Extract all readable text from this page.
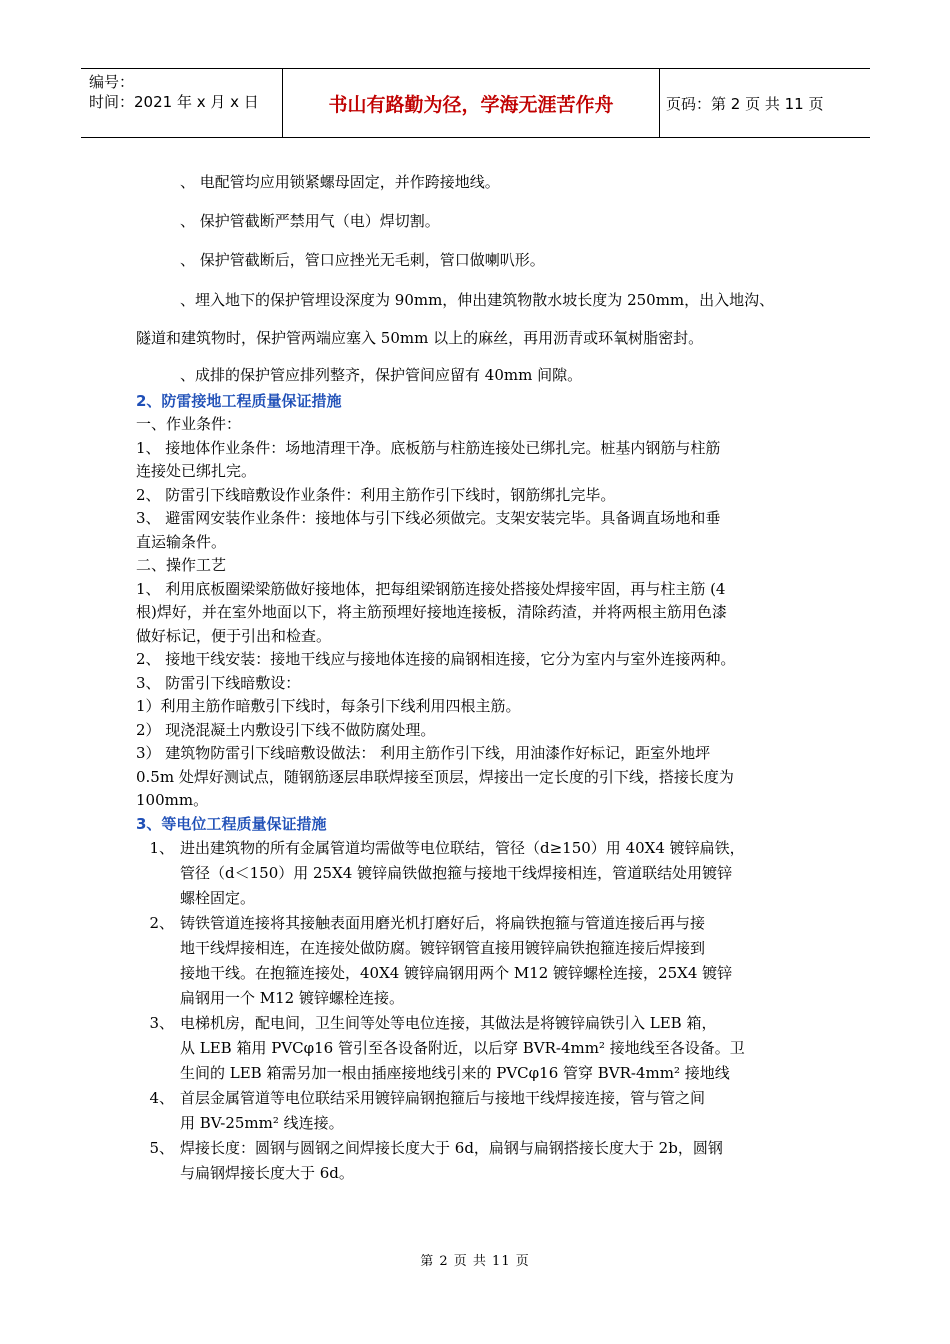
编号：
时间：2021 年 x 月 x 日	书山有路勤为径，学海无涯苦作舟	页码：第 2 页 共 11 页
、 电配管均应用锁紧螺母固定，并作跨接地线。
、 保护管截断严禁用气（电）焊切割。
、 保护管截断后，管口应挫光无毛刺，管口做喇叭形。
、埋入地下的保护管埋设深度为 90mm，伸出建筑物散水坡长度为 250mm，出入地沟、
隧道和建筑物时，保护管两端应塞入 50mm 以上的麻丝，再用沥青或环氧树脂密封。
、成排的保护管应排列整齐，保护管间应留有 40mm 间隙。
2、防雷接地工程质量保证措施
一、作业条件：
1、 接地体作业条件：场地清理干净。底板筋与柱筋连接处已绑扎完。桩基内钢筋与柱筋
连接处已绑扎完。
2、 防雷引下线暗敷设作业条件：利用主筋作引下线时，钢筋绑扎完毕。
3、 避雷网安装作业条件：接地体与引下线必须做完。支架安装完毕。具备调直场地和垂
直运输条件。
二、操作工艺
1、 利用底板圈梁梁筋做好接地体，把每组梁钢筋连接处搭接处焊接牢固，再与柱主筋 (4
根)焊好，并在室外地面以下，将主筋预埋好接地连接板，清除药渣，并将两根主筋用色漆
做好标记，便于引出和检查。
2、 接地干线安装：接地干线应与接地体连接的扁钢相连接，它分为室内与室外连接两种。
3、 防雷引下线暗敷设：
1）利用主筋作暗敷引下线时，每条引下线利用四根主筋。
2） 现浇混凝土内敷设引下线不做防腐处理。
3） 建筑物防雷引下线暗敷设做法： 利用主筋作引下线，用油漆作好标记，距室外地坪
0.5m 处焊好测试点，随钢筋逐层串联焊接至顶层，焊接出一定长度的引下线，搭接长度为
100mm。
3、等电位工程质量保证措施
1、 进出建筑物的所有金属管道均需做等电位联结，管径（d≥150）用 40X4 镀锌扁铁，
管径（d＜150）用 25X4 镀锌扁铁做抱箍与接地干线焊接相连，管道联结处用镀锌
螺栓固定。
2、 铸铁管道连接将其接触表面用磨光机打磨好后，将扁铁抱箍与管道连接后再与接
地干线焊接相连，在连接处做防腐。镀锌钢管直接用镀锌扁铁抱箍连接后焊接到
接地干线。在抱箍连接处，40X4 镀锌扁钢用两个 M12 镀锌螺栓连接，25X4 镀锌
扁钢用一个 M12 镀锌螺栓连接。
3、 电梯机房，配电间，卫生间等处等电位连接，其做法是将镀锌扁铁引入 LEB 箱，
从 LEB 箱用 PVCφ16 管引至各设备附近，以后穿 BVR-4mm² 接地线至各设备。卫
生间的 LEB 箱需另加一根由插座接地线引来的 PVCφ16 管穿 BVR-4mm² 接地线
4、 首层金属管道等电位联结采用镀锌扁钢抱箍后与接地干线焊接连接，管与管之间
用 BV-25mm² 线连接。
5、 焊接长度：圆钢与圆钢之间焊接长度大于 6d，扁钢与扁钢搭接长度大于 2b，圆钢
与扁钢焊接长度大于 6d。
第 2 页 共 11 页
